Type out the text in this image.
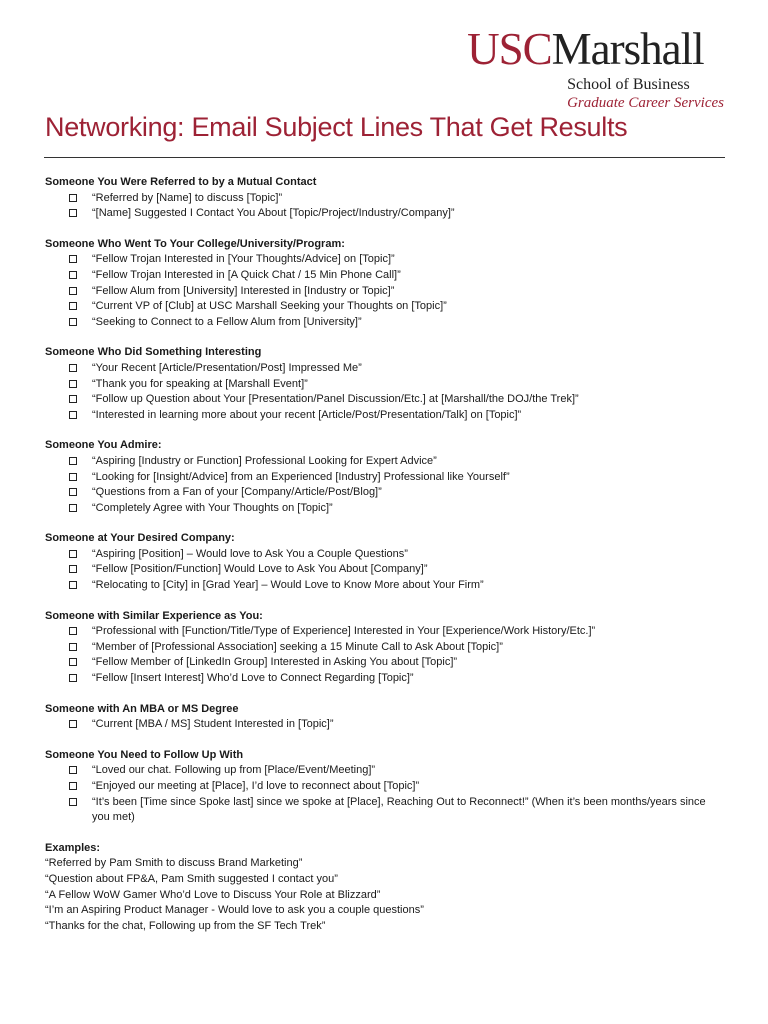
USCMarshall
School of Business
Graduate Career Services
Networking: Email Subject Lines That Get Results
Someone You Were Referred to by a Mutual Contact
“Referred by [Name] to discuss [Topic]”
“[Name] Suggested I Contact You About [Topic/Project/Industry/Company]”
Someone Who Went To Your College/University/Program:
“Fellow Trojan Interested in [Your Thoughts/Advice] on [Topic]”
“Fellow Trojan Interested in [A Quick Chat / 15 Min Phone Call]”
“Fellow Alum from [University] Interested in [Industry or Topic]”
“Current VP of [Club] at USC Marshall Seeking your Thoughts on [Topic]”
“Seeking to Connect to a Fellow Alum from [University]”
Someone Who Did Something Interesting
“Your Recent [Article/Presentation/Post] Impressed Me”
“Thank you for speaking at [Marshall Event]”
“Follow up Question about Your [Presentation/Panel Discussion/Etc.] at [Marshall/the DOJ/the Trek]”
“Interested in learning more about your recent [Article/Post/Presentation/Talk] on [Topic]”
Someone You Admire:
“Aspiring [Industry or Function] Professional Looking for Expert Advice”
“Looking for [Insight/Advice] from an Experienced [Industry] Professional like Yourself”
“Questions from a Fan of your [Company/Article/Post/Blog]”
“Completely Agree with Your Thoughts on [Topic]”
Someone at Your Desired Company:
“Aspiring [Position] – Would love to Ask You a Couple Questions”
“Fellow [Position/Function] Would Love to Ask You About [Company]”
“Relocating to [City] in [Grad Year] – Would Love to Know More about Your Firm”
Someone with Similar Experience as You:
“Professional with [Function/Title/Type of Experience] Interested in Your [Experience/Work History/Etc.]”
“Member of [Professional Association] seeking a 15 Minute Call to Ask About [Topic]”
“Fellow Member of [LinkedIn Group] Interested in Asking You about [Topic]”
“Fellow [Insert Interest] Who’d Love to Connect Regarding [Topic]”
Someone with An MBA or MS Degree
“Current [MBA / MS] Student Interested in [Topic]”
Someone You Need to Follow Up With
“Loved our chat. Following up from [Place/Event/Meeting]”
“Enjoyed our meeting at [Place], I’d love to reconnect about [Topic]”
“It’s been [Time since Spoke last] since we spoke at [Place], Reaching Out to Reconnect!” (When it’s been months/years since you met)
Examples:
“Referred by Pam Smith to discuss Brand Marketing”
“Question about FP&A, Pam Smith suggested I contact you”
“A Fellow WoW Gamer Who’d Love to Discuss Your Role at Blizzard”
“I’m an Aspiring Product Manager - Would love to ask you a couple questions”
“Thanks for the chat, Following up from the SF Tech Trek”
